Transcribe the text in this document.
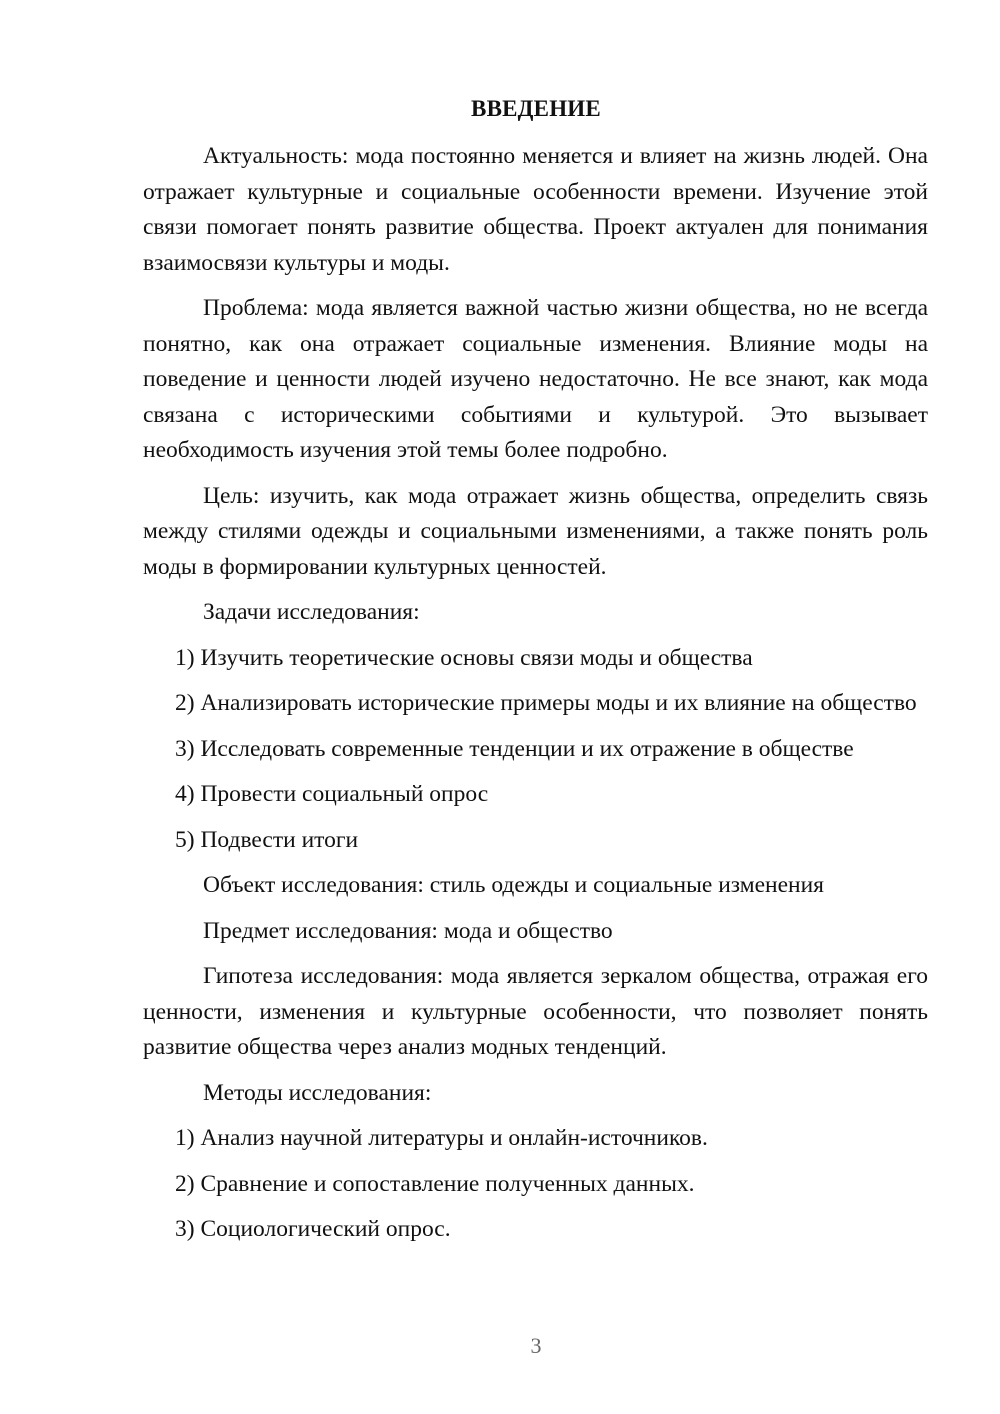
ВВЕДЕНИЕ

Актуальность: мода постоянно меняется и влияет на жизнь людей. Она отражает культурные и социальные особенности времени. Изучение этой связи помогает понять развитие общества. Проект актуален для понимания взаимосвязи культуры и моды.

Проблема: мода является важной частью жизни общества, но не всегда понятно, как она отражает социальные изменения. Влияние моды на поведение и ценности людей изучено недостаточно. Не все знают, как мода связана с историческими событиями и культурой. Это вызывает необходимость изучения этой темы более подробно.

Цель: изучить, как мода отражает жизнь общества, определить связь между стилями одежды и социальными изменениями, а также понять роль моды в формировании культурных ценностей.

Задачи исследования:

1) Изучить теоретические основы связи моды и общества

2) Анализировать исторические примеры моды и их влияние на общество

3) Исследовать современные тенденции и их отражение в обществе

4) Провести социальный опрос

5) Подвести итоги

Объект исследования: стиль одежды и социальные изменения

Предмет исследования: мода и общество

Гипотеза исследования: мода является зеркалом общества, отражая его ценности, изменения и культурные особенности, что позволяет понять развитие общества через анализ модных тенденций.

Методы исследования:

1) Анализ научной литературы и онлайн-источников.

2) Сравнение и сопоставление полученных данных.

3) Социологический опрос.

3
